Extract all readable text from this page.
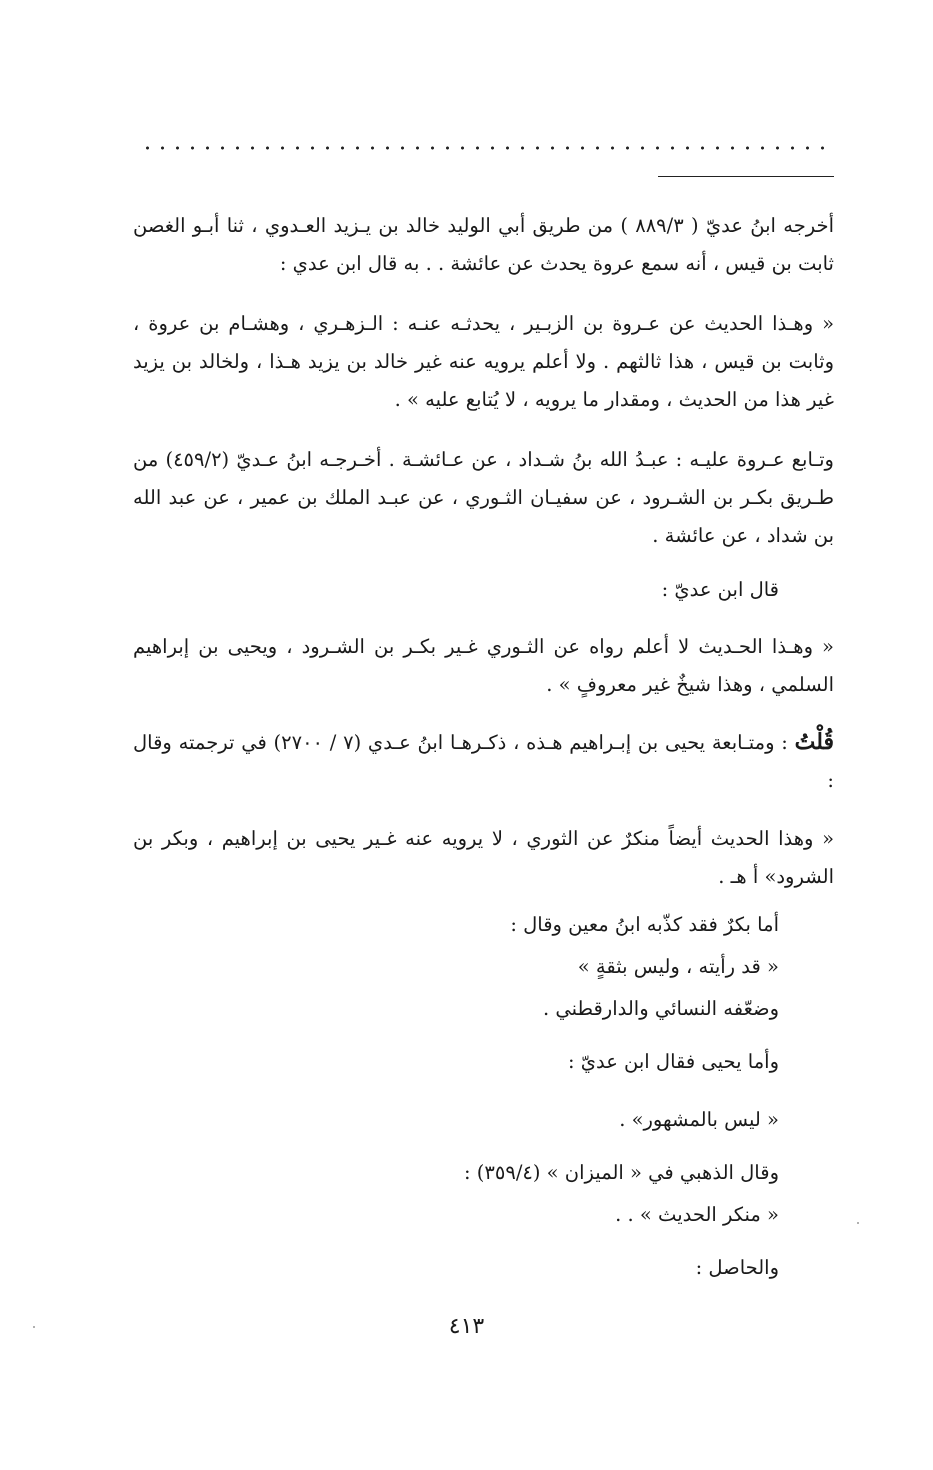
أخرجه ابنُ عديّ ( ٨٨٩/٣ ) من طريق أبي الوليد خالد بن يـزيد العـدوي ، ثنا أبـو الغصن ثابت بن قيس ، أنه سمع عروة يحدث عن عائشة . . به قال ابن عدي :

« وهـذا الحديث عن عـروة بن الزبـير ، يحدثـه عنـه : الـزهـري ، وهشـام بن عروة ، وثابت بن قيس ، هذا ثالثهم . ولا أعلم يرويه عنه غير خالد بن يزيد هـذا ، ولخالد بن يزيد غير هذا من الحديث ، ومقدار ما يرويه ، لا يُتابع عليه » .

وتـابع عـروة عليـه : عبـدُ الله بنُ شـداد ، عن عـائشـة . أخـرجـه ابنُ عـديّ (٤٥٩/٢) من طـريق بكـر بن الشـرود ، عن سفيـان الثـوري ، عن عبـد الملك بن عمير ، عن عبد الله بن شداد ، عن عائشة .

قال ابن عديّ :

« وهـذا الحـديث لا أعلم رواه عن الثـوري غـير بكـر بن الشـرود ، ويحيى بن إبراهيم السلمي ، وهذا شيخٌ غير معروفٍ » .

قُلْتُ : ومتـابعة يحيى بن إبـراهيم هـذه ، ذكـرهـا ابنُ عـدي (٧ / ٢٧٠٠) في ترجمته وقال :

« وهذا الحديث أيضاً منكرٌ عن الثوري ، لا يرويه عنه غـير يحيى بن إبراهيم ، وبكر بن الشرود» أ هـ .

أما بكرٌ فقد كذّبه ابنُ معين وقال :
« قد رأيته ، وليس بثقةٍ »
وضعّفه النسائي والدارقطني .
وأما يحيى فقال ابن عديّ :
« ليس بالمشهور» .
وقال الذهبي في « الميزان » (٣٥٩/٤) :
« منكر الحديث » . .
والحاصل :
٤١٣
